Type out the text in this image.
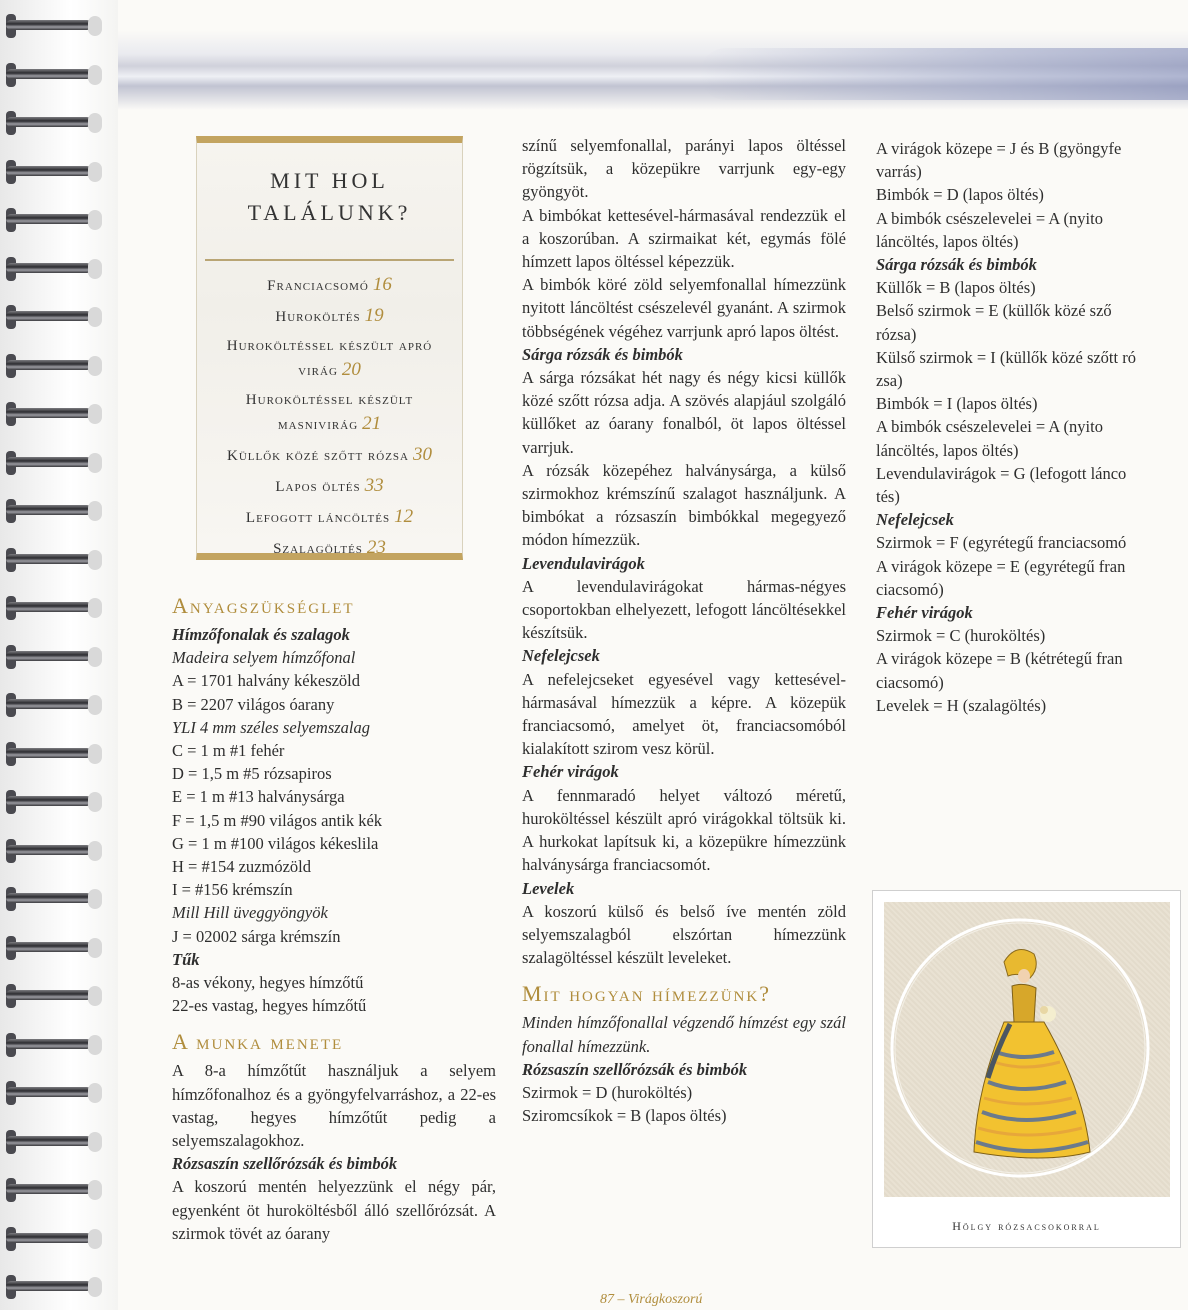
MIT HOL
TALÁLUNK?
Franciacsomó 16
Huroköltés 19
Huroköltéssel készült apró virág 20
Huroköltéssel készült masnivirág 21
Küllők közé szőtt rózsa 30
Lapos öltés 33
Lefogott láncöltés 12
Szalagöltés 23
Anyagszükséglet
Hímzőfonalak és szalagok
Madeira selyem hímzőfonal
A = 1701 halvány kékeszöld
B = 2207 világos óarany
YLI 4 mm széles selyemszalag
C = 1 m #1 fehér
D = 1,5 m #5 rózsapiros
E = 1 m #13 halványsárga
F = 1,5 m #90 világos antik kék
G = 1 m #100 világos kékeslila
H = #154 zuzmózöld
I = #156 krémszín
Mill Hill üveggyöngyök
J = 02002 sárga krémszín
Tűk
8-as vékony, hegyes hímzőtű
22-es vastag, hegyes hímzőtű
A munka menete
A 8-a hímzőtűt használjuk a selyem hímzőfonalhoz és a gyöngyfelvarráshoz, a 22-es vastag, hegyes hímzőtűt pedig a selyemszalagokhoz.
Rózsaszín szellőrózsák és bimbók
A koszorú mentén helyezzünk el négy pár, egyenként öt huroköltésből álló szellőrózsát. A szirmok tövét az óarany
színű selyemfonallal, parányi lapos öltéssel rögzítsük, a közepükre varrjunk egy-egy gyöngyöt.
A bimbókat kettesével-hármasával rendezzük el a koszorúban. A szirmaikat két, egymás fölé hímzett lapos öltéssel képezzük.
A bimbók köré zöld selyemfonallal hímezzünk nyitott láncöltést csészelevél gyanánt. A szirmok többségének végéhez varrjunk apró lapos öltést.
Sárga rózsák és bimbók
A sárga rózsákat hét nagy és négy kicsi küllők közé szőtt rózsa adja. A szövés alapjául szolgáló küllőket az óarany fonalból, öt lapos öltéssel varrjuk.
A rózsák közepéhez halványsárga, a külső szirmokhoz krémszínű szalagot használjunk. A bimbókat a rózsaszín bimbókkal megegyező módon hímezzük.
Levendulavirágok
A levendulavirágokat hármas-négyes csoportokban elhelyezett, lefogott láncöltésekkel készítsük.
Nefelejcsek
A nefelejcseket egyesével vagy kettesével-hármasával hímezzük a képre. A közepük franciacsomó, amelyet öt, franciacsomóból kialakított szirom vesz körül.
Fehér virágok
A fennmaradó helyet változó méretű, huroköltéssel készült apró virágokkal töltsük ki. A hurkokat lapítsuk ki, a közepükre hímezzünk halványsárga franciacsomót.
Levelek
A koszorú külső és belső íve mentén zöld selyemszalagból elszórtan hímezzünk szalagöltéssel készült leveleket.
Mit hogyan hímezzünk?
Minden hímzőfonallal végzendő hímzést egy szál fonallal hímezzünk.
Rózsaszín szellőrózsák és bimbók
Szirmok = D (huroköltés)
Sziromcsíkok = B (lapos öltés)
A virágok közepe = J és B (gyöngyfe
varrás)
Bimbók = D (lapos öltés)
A bimbók csészelevelei = A (nyito
láncöltés, lapos öltés)
Sárga rózsák és bimbók
Küllők = B (lapos öltés)
Belső szirmok = E (küllők közé sző
rózsa)
Külső szirmok = I (küllők közé szőtt ró
zsa)
Bimbók = I (lapos öltés)
A bimbók csészelevelei = A (nyito
láncöltés, lapos öltés)
Levendulavirágok = G (lefogott lánco
tés)
Nefelejcsek
Szirmok = F (egyrétegű franciacsomó
A virágok közepe = E (egyrétegű fran
ciacsomó)
Fehér virágok
Szirmok = C (huroköltés)
A virágok közepe = B (kétrétegű fran
ciacsomó)
Levelek = H (szalagöltés)
Hölgy rózsacsokorral
87 – Virágkoszorú
